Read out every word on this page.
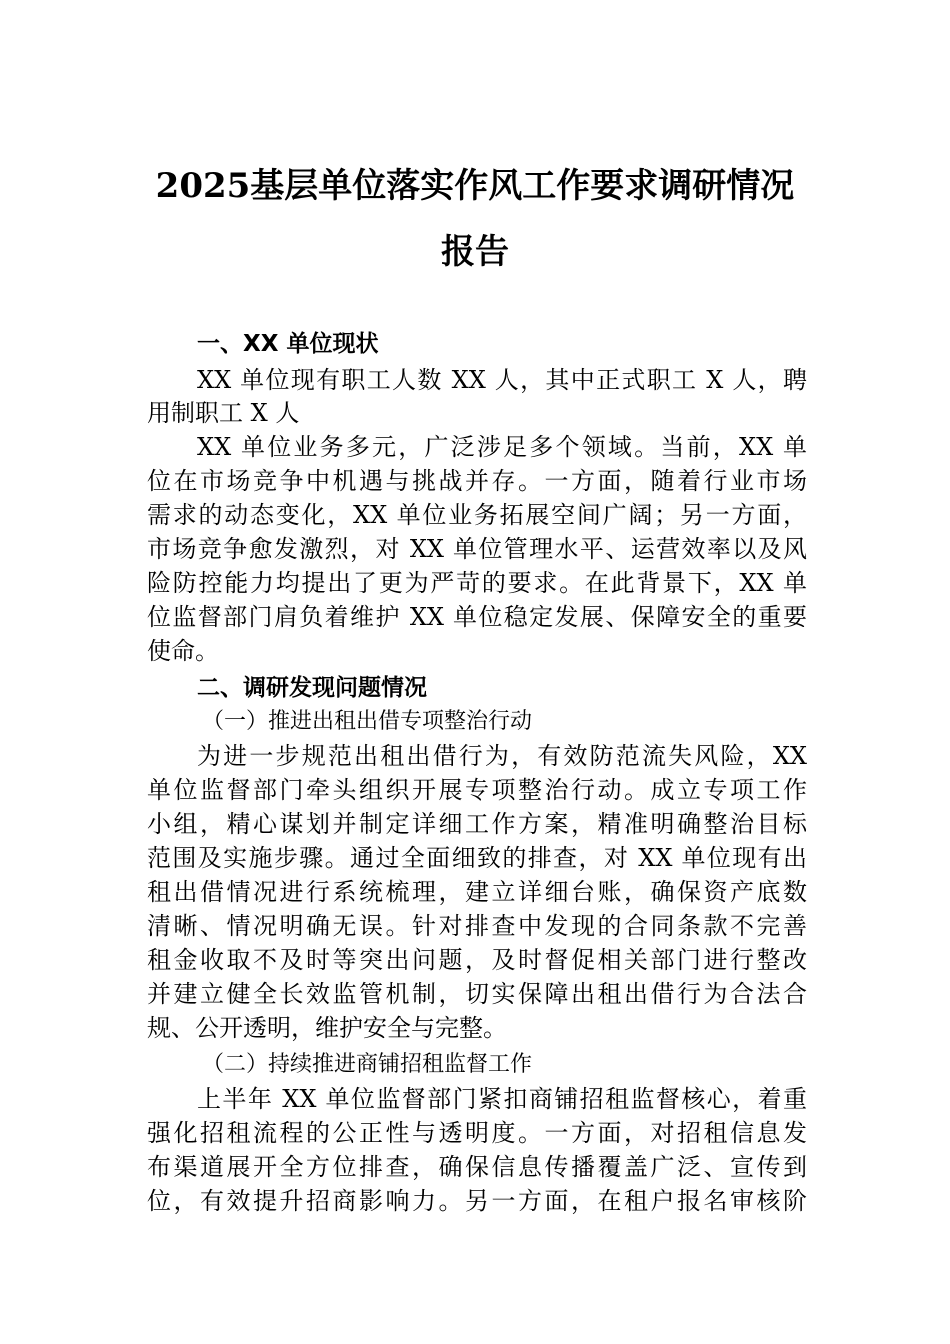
2025基层单位落实作风工作要求调研情况
报告
一、XX 单位现状
XX 单位现有职工人数 XX 人，其中正式职工 X 人，聘
用制职工 X 人
XX 单位业务多元，广泛涉足多个领域。当前，XX 单
位在市场竞争中机遇与挑战并存。一方面，随着行业市场
需求的动态变化，XX 单位业务拓展空间广阔；另一方面，
市场竞争愈发激烈，对 XX 单位管理水平、运营效率以及风
险防控能力均提出了更为严苛的要求。在此背景下，XX 单
位监督部门肩负着维护 XX 单位稳定发展、保障安全的重要
使命。
二、调研发现问题情况
（一）推进出租出借专项整治行动
为进一步规范出租出借行为，有效防范流失风险，XX
单位监督部门牵头组织开展专项整治行动。成立专项工作
小组，精心谋划并制定详细工作方案，精准明确整治目标
范围及实施步骤。通过全面细致的排查，对 XX 单位现有出
租出借情况进行系统梳理，建立详细台账，确保资产底数
清晰、情况明确无误。针对排查中发现的合同条款不完善
租金收取不及时等突出问题，及时督促相关部门进行整改
并建立健全长效监管机制，切实保障出租出借行为合法合
规、公开透明，维护安全与完整。
（二）持续推进商铺招租监督工作
上半年 XX 单位监督部门紧扣商铺招租监督核心，着重
强化招租流程的公正性与透明度。一方面，对招租信息发
布渠道展开全方位排查，确保信息传播覆盖广泛、宣传到
位，有效提升招商影响力。另一方面，在租户报名审核阶
